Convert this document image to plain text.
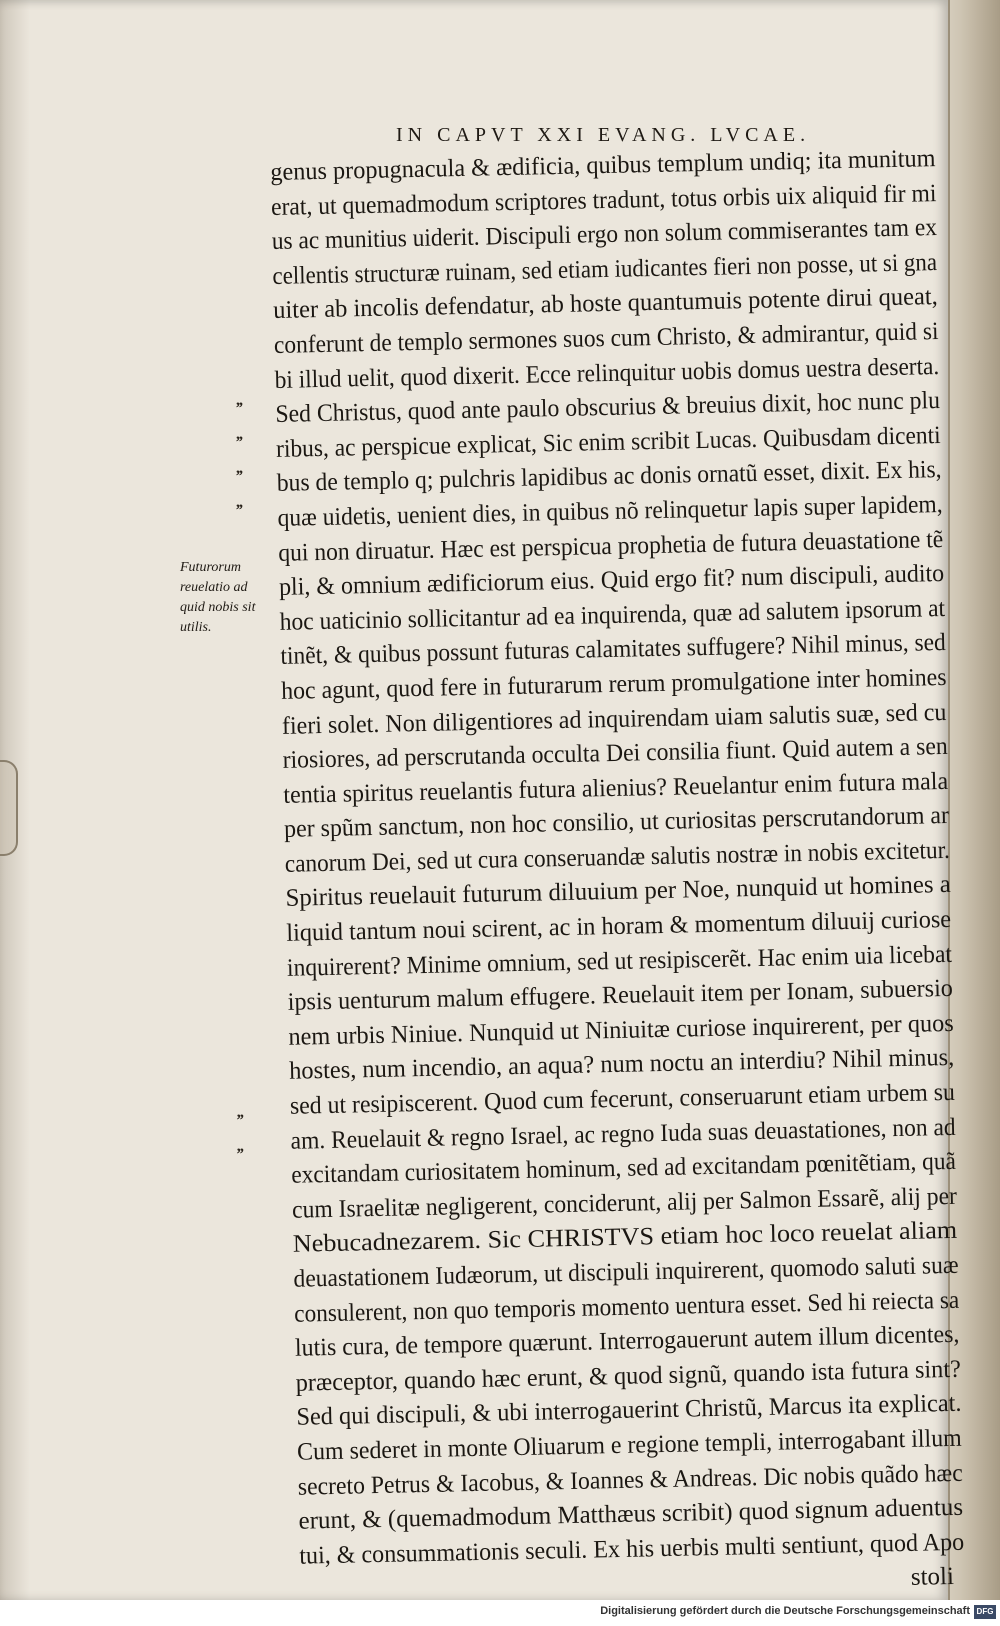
IN CAPVT XXI EVANG. LVCAE.
Futurorum
reuelatio ad
quid nobis sit
utilis.
,,
,,
,,
,,
’’
’’
genus propugnacula & ædificia, quibus templum undiq; ita munitum
erat, ut quemadmodum scriptores tradunt, totus orbis uix aliquid fir mi
us ac munitius uiderit. Discipuli ergo non solum commiserantes tam ex
cellentis structuræ ruinam, sed etiam iudicantes fieri non posse, ut si gna
uiter ab incolis defendatur, ab hoste quantumuis potente dirui queat,
conferunt de templo sermones suos cum Christo, & admirantur, quid si
bi illud uelit, quod dixerit. Ecce relinquitur uobis domus uestra deserta.
Sed Christus, quod ante paulo obscurius & breuius dixit, hoc nunc plu
ribus, ac perspicue explicat, Sic enim scribit Lucas. Quibusdam dicenti
bus de templo q; pulchris lapidibus ac donis ornatũ esset, dixit. Ex his,
quæ uidetis, uenient dies, in quibus nõ relinquetur lapis super lapidem,
qui non diruatur. Hæc est perspicua prophetia de futura deuastatione tẽ
pli, & omnium ædificiorum eius. Quid ergo fit? num discipuli, audito
hoc uaticinio sollicitantur ad ea inquirenda, quæ ad salutem ipsorum at
tinẽt, & quibus possunt futuras calamitates suffugere? Nihil minus, sed
hoc agunt, quod fere in futurarum rerum promulgatione inter homines
fieri solet. Non diligentiores ad inquirendam uiam salutis suæ, sed cu
riosiores, ad perscrutanda occulta Dei consilia fiunt. Quid autem a sen
tentia spiritus reuelantis futura alienius? Reuelantur enim futura mala
per spũm sanctum, non hoc consilio, ut curiositas perscrutandorum ar
canorum Dei, sed ut cura conseruandæ salutis nostræ in nobis excitetur.
Spiritus reuelauit futurum diluuium per Noe, nunquid ut homines a
liquid tantum noui scirent, ac in horam & momentum diluuij curiose
inquirerent? Minime omnium, sed ut resipiscerẽt. Hac enim uia licebat
ipsis uenturum malum effugere. Reuelauit item per Ionam, subuersio
nem urbis Niniue. Nunquid ut Niniuitæ curiose inquirerent, per quos
hostes, num incendio, an aqua? num noctu an interdiu? Nihil minus,
sed ut resipiscerent. Quod cum fecerunt, conseruarunt etiam urbem su
am. Reuelauit & regno Israel, ac regno Iuda suas deuastationes, non ad
excitandam curiositatem hominum, sed ad excitandam pœnitẽtiam, quã
cum Israelitæ negligerent, conciderunt, alij per Salmon Essarẽ, alij per
Nebucadnezarem. Sic CHRISTVS etiam hoc loco reuelat aliam
deuastationem Iudæorum, ut discipuli inquirerent, quomodo saluti suæ
consulerent, non quo temporis momento uentura esset. Sed hi reiecta sa
lutis cura, de tempore quærunt. Interrogauerunt autem illum dicentes,
præceptor, quando hæc erunt, & quod signũ, quando ista futura sint?
Sed qui discipuli, & ubi interrogauerint Christũ, Marcus ita explicat.
Cum sederet in monte Oliuarum e regione templi, interrogabant illum
secreto Petrus & Iacobus, & Ioannes & Andreas. Dic nobis quãdo hæc
erunt, & (quemadmodum Matthæus scribit) quod signum aduentus
tui, & consummationis seculi. Ex his uerbis multi sentiunt, quod Apo
stoli
Digitalisierung gefördert durch die Deutsche Forschungsgemeinschaft DFG
